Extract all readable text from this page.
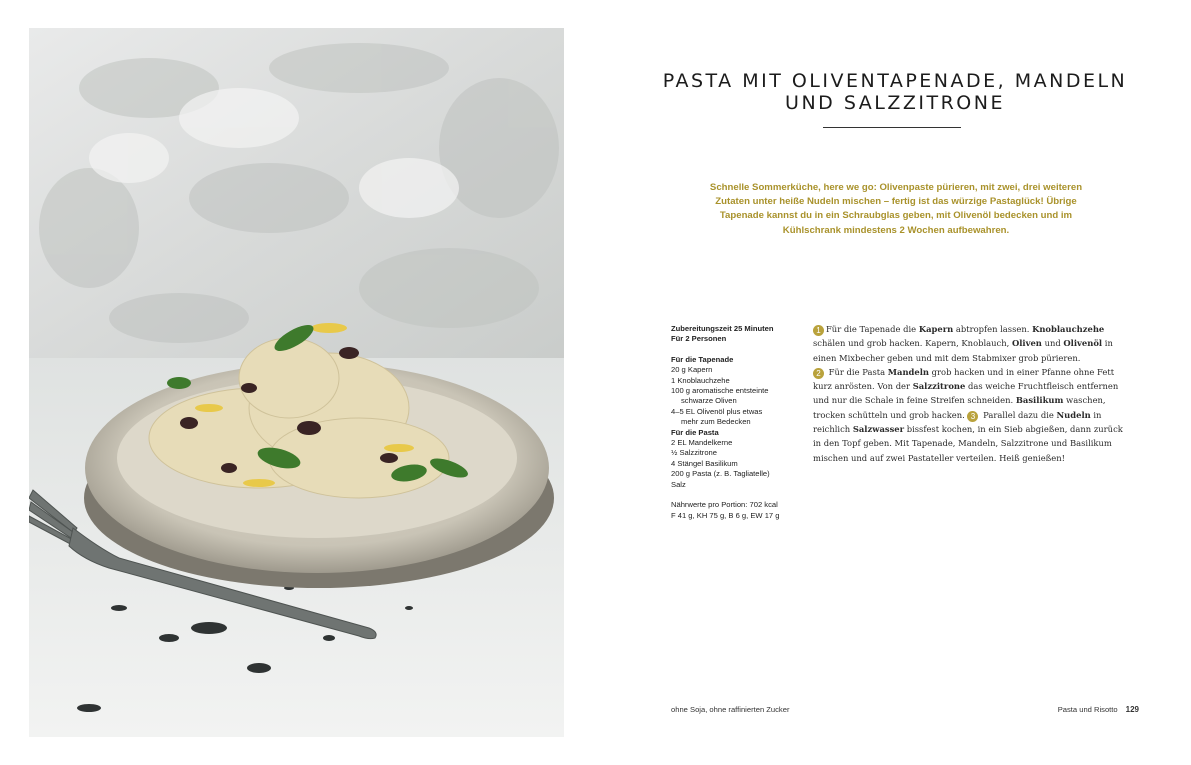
PASTA MIT OLIVENTAPENADE, MANDELN
UND SALZZITRONE
Schnelle Sommerküche, here we go: Olivenpaste pürieren, mit zwei, drei weiteren Zutaten unter heiße Nudeln mischen – fertig ist das würzige Pastaglück! Übrige Tapenade kannst du in ein Schraubglas geben, mit Olivenöl bedecken und im Kühlschrank mindestens 2 Wochen aufbewahren.
Zubereitungszeit 25 Minuten
Für 2 Personen
Für die Tapenade
20 g Kapern
1 Knoblauchzehe
100 g aromatische entsteinte
schwarze Oliven
4–5 EL Olivenöl plus etwas
mehr zum Bedecken
Für die Pasta
2 EL Mandelkerne
½ Salzzitrone
4 Stängel Basilikum
200 g Pasta (z. B. Tagliatelle)
Salz
Nährwerte pro Portion: 702 kcal
F 41 g, KH 75 g, B 6 g, EW 17 g
1 Für die Tapenade die Kapern abtropfen lassen. Knoblauchzehe schälen und grob hacken. Kapern, Knoblauch, Oliven und Olivenöl in einen Mixbecher geben und mit dem Stabmixer grob pürieren.
2 Für die Pasta Mandeln grob hacken und in einer Pfanne ohne Fett kurz anrösten. Von der Salzzitrone das weiche Fruchtfleisch entfernen und nur die Schale in feine Streifen schneiden. Basilikum waschen, trocken schütteln und grob hacken. 3 Parallel dazu die Nudeln in reichlich Salzwasser bissfest kochen, in ein Sieb abgießen, dann zurück in den Topf geben. Mit Tapenade, Mandeln, Salzzitrone und Basilikum mischen und auf zwei Pastateller verteilen. Heiß genießen!
ohne Soja, ohne raffinierten Zucker	Pasta und Risotto 129
